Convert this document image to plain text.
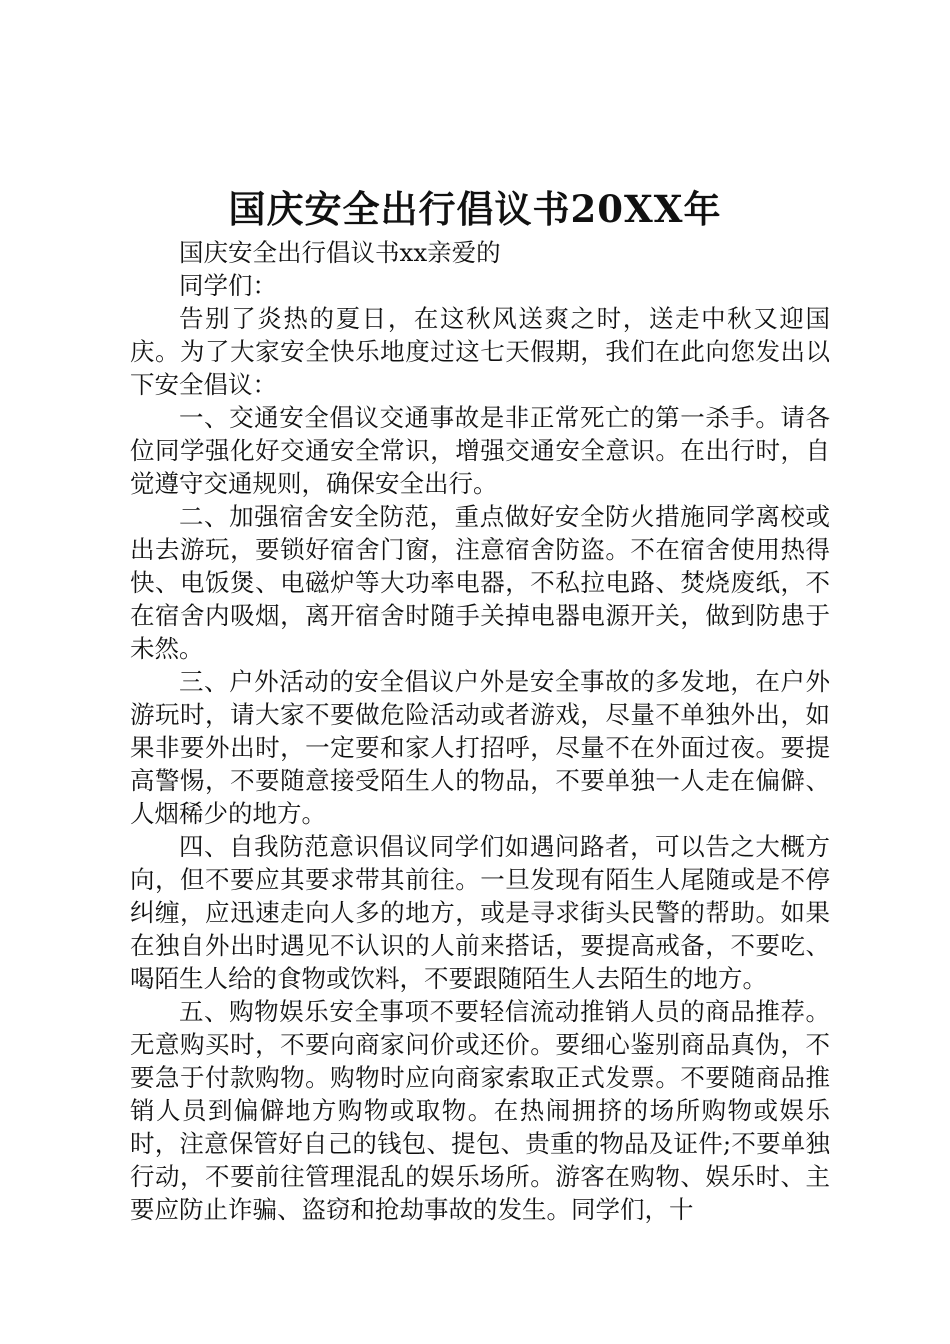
国庆安全出行倡议书20XX年

国庆安全出行倡议书xx亲爱的

同学们：

告别了炎热的夏日，在这秋风送爽之时，送走中秋又迎国庆。为了大家安全快乐地度过这七天假期，我们在此向您发出以下安全倡议：

一、交通安全倡议交通事故是非正常死亡的第一杀手。请各位同学强化好交通安全常识，增强交通安全意识。在出行时，自觉遵守交通规则，确保安全出行。

二、加强宿舍安全防范，重点做好安全防火措施同学离校或出去游玩，要锁好宿舍门窗，注意宿舍防盗。不在宿舍使用热得快、电饭煲、电磁炉等大功率电器，不私拉电路、焚烧废纸，不在宿舍内吸烟，离开宿舍时随手关掉电器电源开关，做到防患于未然。

三、户外活动的安全倡议户外是安全事故的多发地，在户外游玩时，请大家不要做危险活动或者游戏，尽量不单独外出，如果非要外出时，一定要和家人打招呼，尽量不在外面过夜。要提高警惕，不要随意接受陌生人的物品，不要单独一人走在偏僻、人烟稀少的地方。

四、自我防范意识倡议同学们如遇问路者，可以告之大概方向，但不要应其要求带其前往。一旦发现有陌生人尾随或是不停纠缠，应迅速走向人多的地方，或是寻求街头民警的帮助。如果在独自外出时遇见不认识的人前来搭话，要提高戒备，不要吃、喝陌生人给的食物或饮料，不要跟随陌生人去陌生的地方。

五、购物娱乐安全事项不要轻信流动推销人员的商品推荐。无意购买时，不要向商家问价或还价。要细心鉴别商品真伪，不要急于付款购物。购物时应向商家索取正式发票。不要随商品推销人员到偏僻地方购物或取物。在热闹拥挤的场所购物或娱乐时，注意保管好自己的钱包、提包、贵重的物品及证件;不要单独行动，不要前往管理混乱的娱乐场所。游客在购物、娱乐时、主要应防止诈骗、盗窃和抢劫事故的发生。同学们，十
